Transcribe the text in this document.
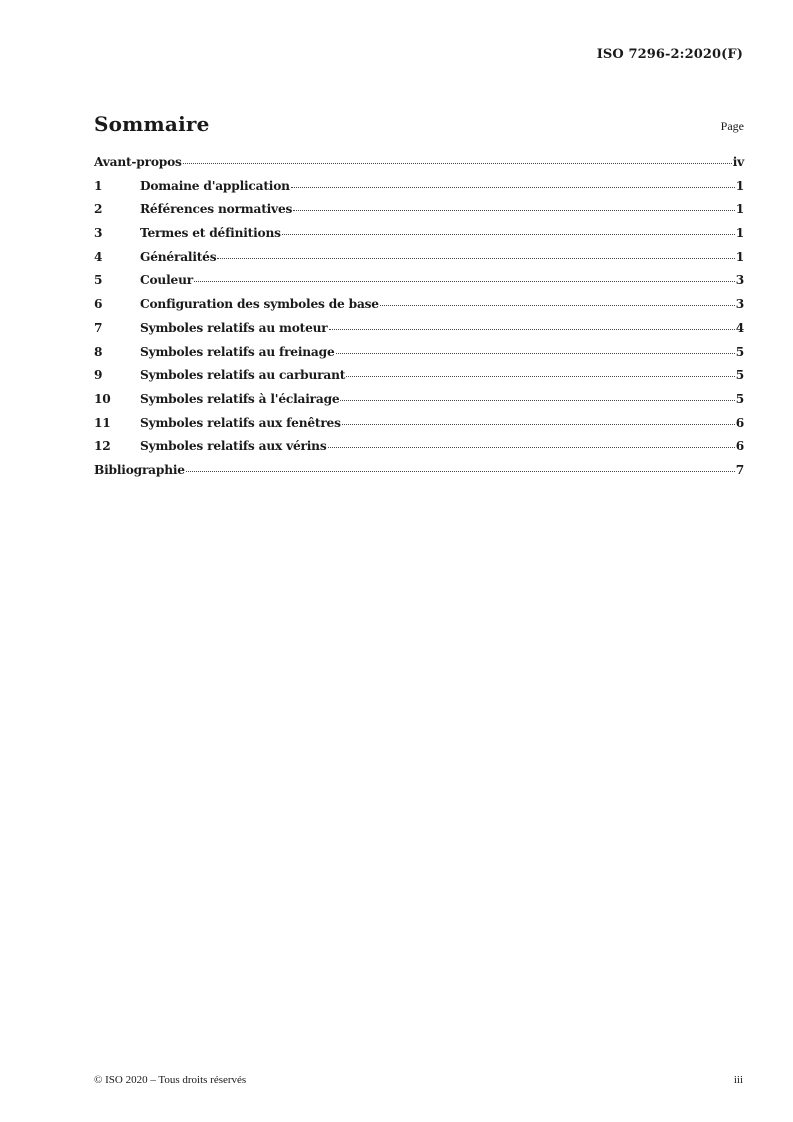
ISO 7296-2:2020(F)
Sommaire	Page
Avant-propos	iv
1	Domaine d'application	1
2	Références normatives	1
3	Termes et définitions	1
4	Généralités	1
5	Couleur	3
6	Configuration des symboles de base	3
7	Symboles relatifs au moteur	4
8	Symboles relatifs au freinage	5
9	Symboles relatifs au carburant	5
10	Symboles relatifs à l'éclairage	5
11	Symboles relatifs aux fenêtres	6
12	Symboles relatifs aux vérins	6
Bibliographie	7
© ISO 2020 – Tous droits réservés	iii
